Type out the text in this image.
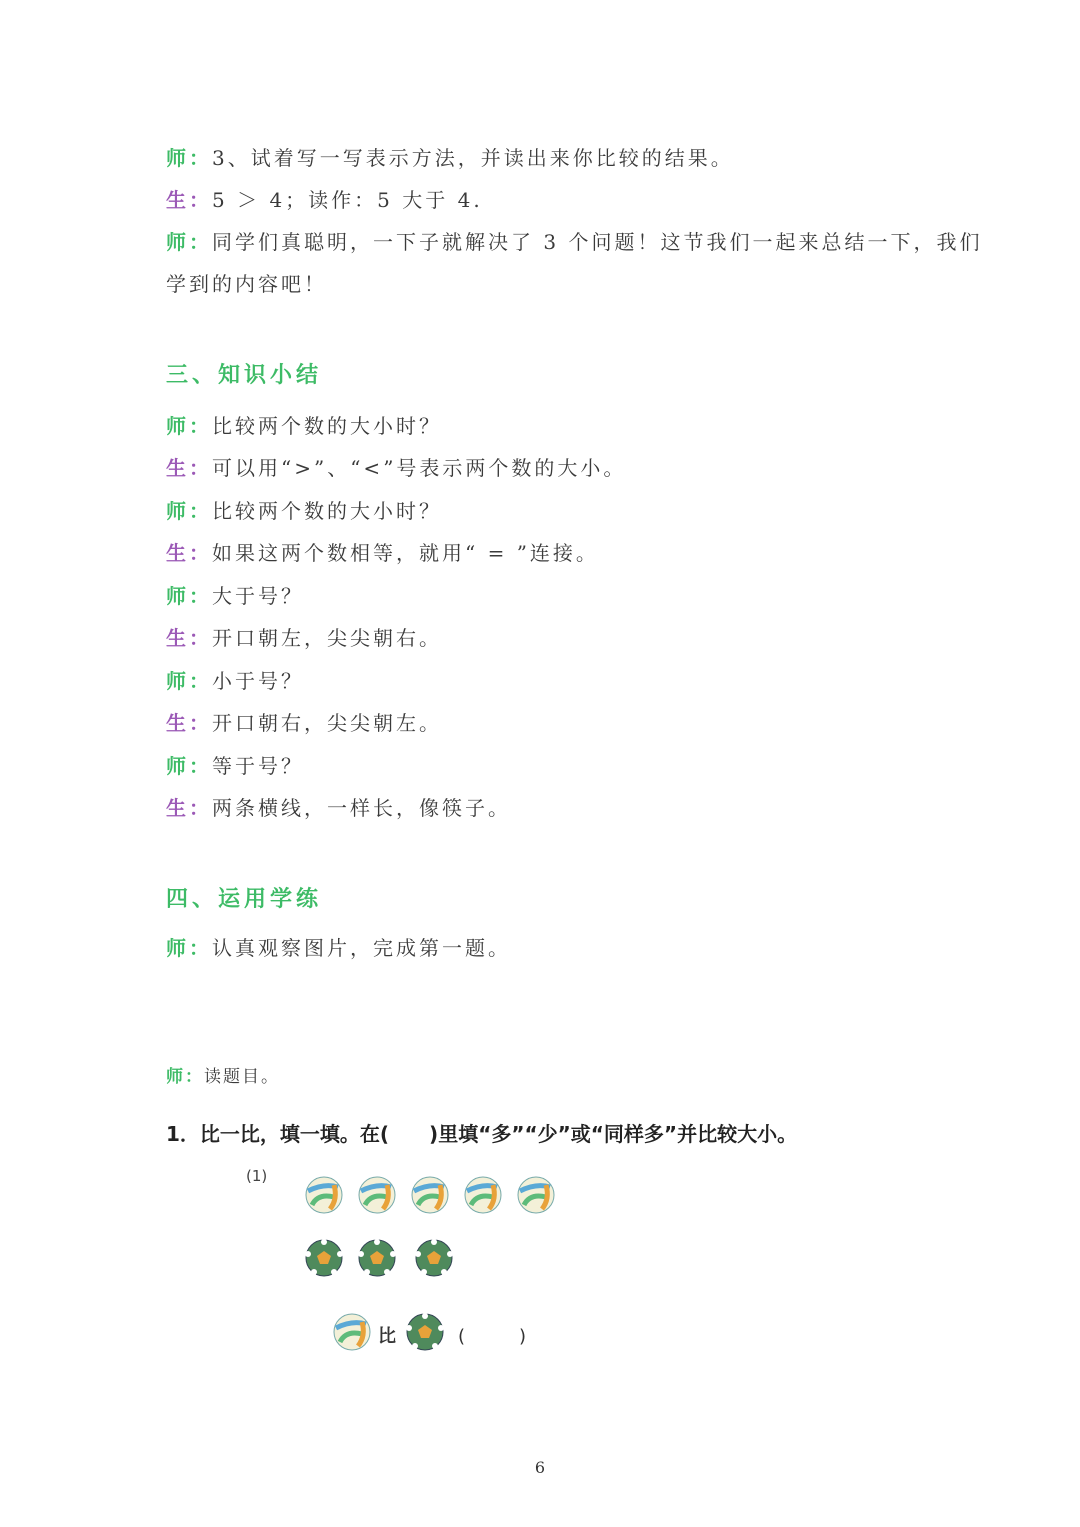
师：3、试着写一写表示方法，并读出来你比较的结果。
生：5 ＞ 4；读作：5 大于 4.
师：同学们真聪明，一下子就解决了 3 个问题！这节我们一起来总结一下，我们
学到的内容吧！
三、知识小结
师：比较两个数的大小时？
生：可以用“>”、“<”号表示两个数的大小。
师：比较两个数的大小时？
生：如果这两个数相等，就用“ = ”连接。
师：大于号？
生：开口朝左，尖尖朝右。
师：小于号？
生：开口朝右，尖尖朝左。
师：等于号？
生：两条横线，一样长，像筷子。
四、运用学练
师：认真观察图片，完成第一题。
师：读题目。
1．比一比，填一填。在(　　)里填“多”“少”或“同样多”并比较大小。
(1)
比	(　　　)
6
